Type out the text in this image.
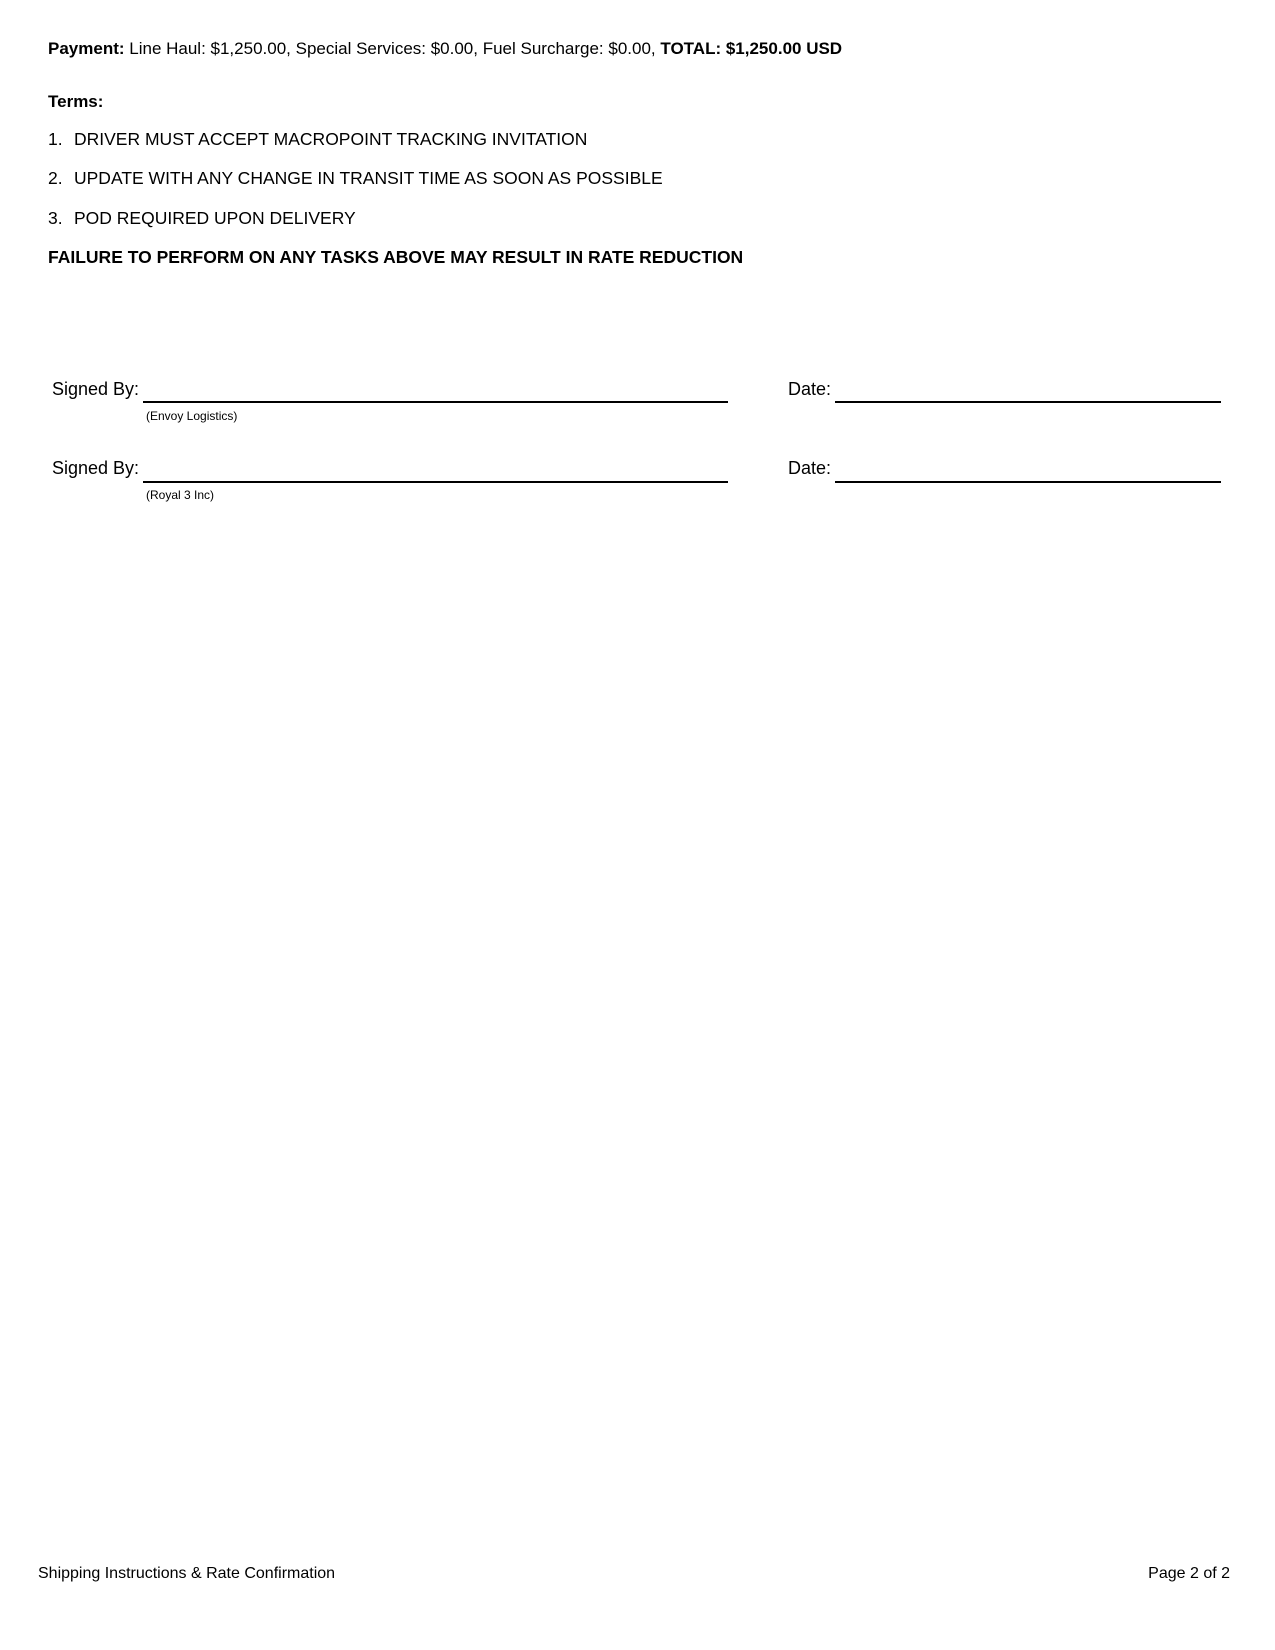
Payment: Line Haul: $1,250.00, Special Services: $0.00, Fuel Surcharge: $0.00, TOTAL: $1,250.00 USD
Terms:
1. DRIVER MUST ACCEPT MACROPOINT TRACKING INVITATION
2. UPDATE WITH ANY CHANGE IN TRANSIT TIME AS SOON AS POSSIBLE
3. POD REQUIRED UPON DELIVERY
FAILURE TO PERFORM ON ANY TASKS ABOVE MAY RESULT IN RATE REDUCTION
Signed By:
(Envoy Logistics)
Date:
Signed By:
(Royal 3 Inc)
Date:
Shipping Instructions & Rate Confirmation	Page 2 of 2
